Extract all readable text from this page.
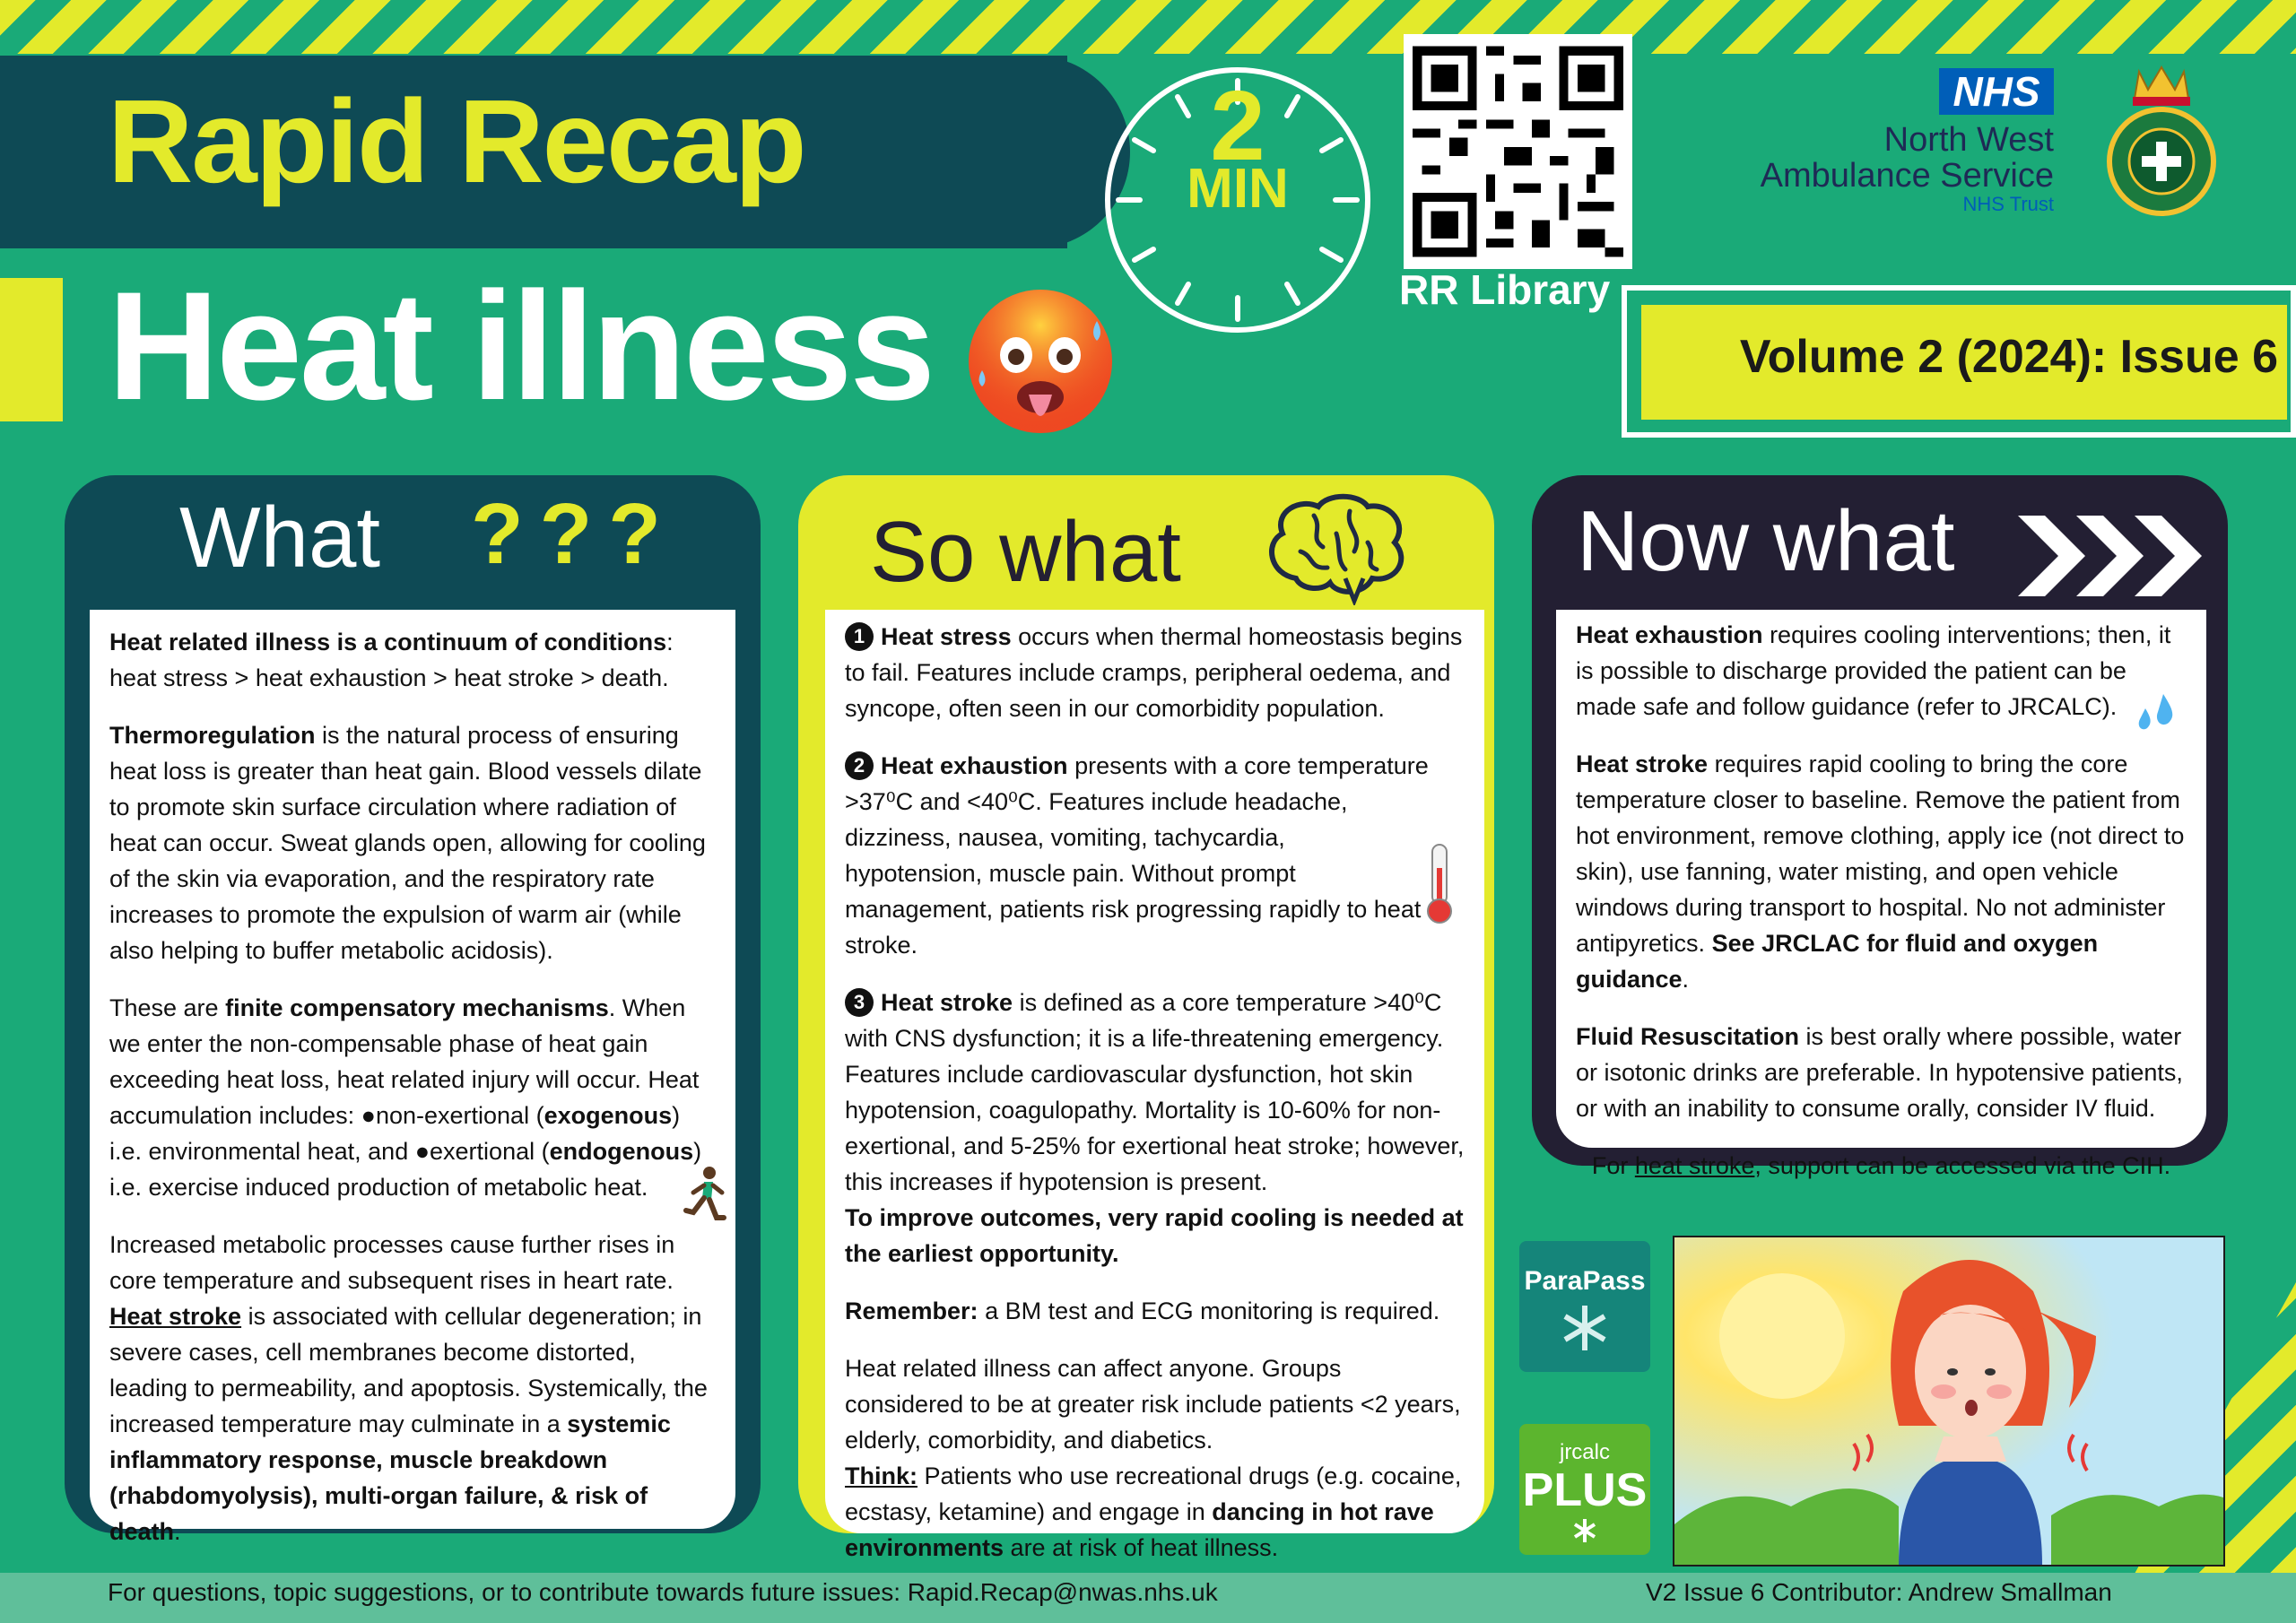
Rapid Recap
Heat illness
2
MIN
RR Library
NHS
North West
Ambulance Service
NHS Trust
Volume 2 (2024): Issue 6
What ???

Heat related illness is a continuum of conditions:
heat stress > heat exhaustion > heat stroke > death.

Thermoregulation is the natural process of ensuring heat loss is greater than heat gain. Blood vessels dilate to promote skin surface circulation where radiation of heat can occur. Sweat glands open, allowing for cooling of the skin via evaporation, and the respiratory rate increases to promote the expulsion of warm air (while also helping to buffer metabolic acidosis).

These are finite compensatory mechanisms. When we enter the non-compensable phase of heat gain exceeding heat loss, heat related injury will occur. Heat accumulation includes: ●non-exertional (exogenous) i.e. environmental heat, and ●exertional (endogenous) i.e. exercise induced production of metabolic heat.

Increased metabolic processes cause further rises in core temperature and subsequent rises in heart rate. Heat stroke is associated with cellular degeneration; in severe cases, cell membranes become distorted, leading to permeability, and apoptosis. Systemically, the increased temperature may culminate in a systemic inflammatory response, muscle breakdown (rhabdomyolysis), multi-organ failure, & risk of death.

So what

1 Heat stress occurs when thermal homeostasis begins to fail. Features include cramps, peripheral oedema, and syncope, often seen in our comorbidity population.

2 Heat exhaustion presents with a core temperature >37⁰C and <40⁰C. Features include headache, dizziness, nausea, vomiting, tachycardia, hypotension, muscle pain. Without prompt management, patients risk progressing rapidly to heat stroke.

3 Heat stroke is defined as a core temperature >40⁰C with CNS dysfunction; it is a life-threatening emergency. Features include cardiovascular dysfunction, hot skin hypotension, coagulopathy. Mortality is 10-60% for non-exertional, and 5-25% for exertional heat stroke; however, this increases if hypotension is present.
To improve outcomes, very rapid cooling is needed at the earliest opportunity.

Remember: a BM test and ECG monitoring is required.

Heat related illness can affect anyone. Groups considered to be at greater risk include patients <2 years, elderly, comorbidity, and diabetics.
Think: Patients who use recreational drugs (e.g. cocaine, ecstasy, ketamine) and engage in dancing in hot rave environments are at risk of heat illness.

Now what

Heat exhaustion requires cooling interventions; then, it is possible to discharge provided the patient can be made safe and follow guidance (refer to JRCALC).

Heat stroke requires rapid cooling to bring the core temperature closer to baseline. Remove the patient from hot environment, remove clothing, apply ice (not direct to skin), use fanning, water misting, and open vehicle windows during transport to hospital. No not administer antipyretics. See JRCLAC for fluid and oxygen guidance.

Fluid Resuscitation is best orally where possible, water or isotonic drinks are preferable. In hypotensive patients, or with an inability to consume orally, consider IV fluid.

For heat stroke, support can be accessed via the CIH.

ParaPass
jrcalc
PLUS
For questions, topic suggestions, or to contribute towards future issues: Rapid.Recap@nwas.nhs.uk	V2 Issue 6 Contributor: Andrew Smallman
